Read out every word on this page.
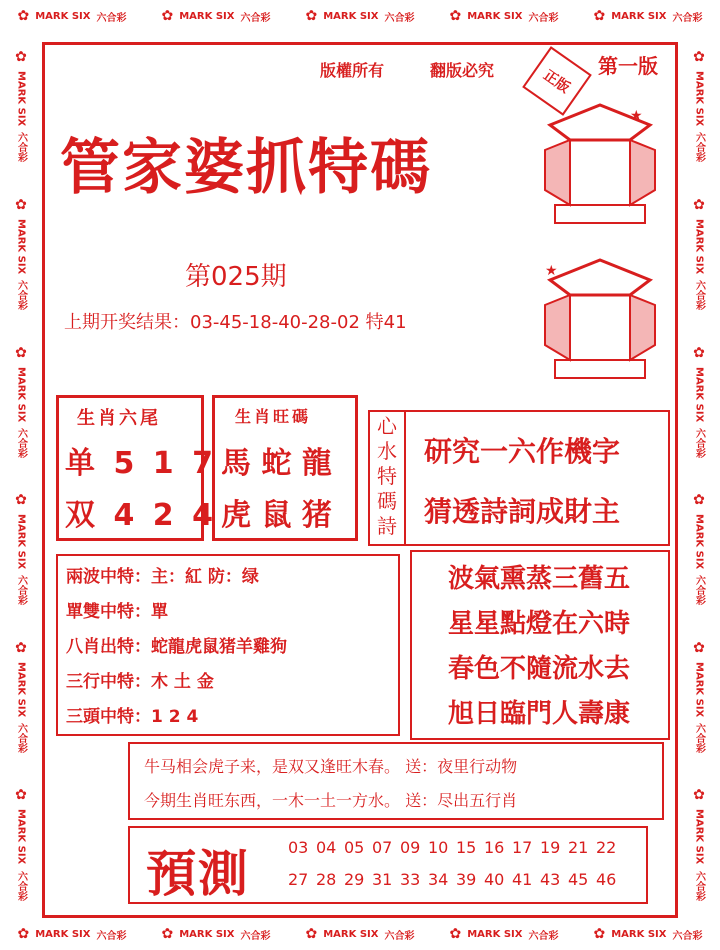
✿ MARK SIX 六合彩	✿ MARK SIX 六合彩	✿ MARK SIX 六合彩	✿ MARK SIX 六合彩	✿ MARK SIX 六合彩
✿ MARK SIX 六合彩	✿ MARK SIX 六合彩	✿ MARK SIX 六合彩	✿ MARK SIX 六合彩	✿ MARK SIX 六合彩
✿
MARK SIX
六合彩
✿
MARK SIX
六合彩
✿
MARK SIX
六合彩
✿
MARK SIX
六合彩
✿
MARK SIX
六合彩
✿
MARK SIX
六合彩
✿
MARK SIX
六合彩
✿
MARK SIX
六合彩
✿
MARK SIX
六合彩
✿
MARK SIX
六合彩
✿
MARK SIX
六合彩
✿
MARK SIX
六合彩
版權所有	翻版必究	第一版
正版
管家婆抓特碼
★
★
第025期
上期开奖结果：03-45-18-40-28-02 特41
生肖六尾
单 5 1 7
双 4 2 4
生肖旺碼
馬 蛇 龍
虎 鼠 猪
心水特碼詩
研究一六作機字
猜透詩詞成財主
兩波中特：主：紅 防：绿
單雙中特：單
八肖出特：蛇龍虎鼠猪羊雞狗
三行中特：木 土 金
三頭中特：1 2 4
波氣熏蒸三舊五
星星點燈在六時
春色不隨流水去
旭日臨門人壽康
牛马相会虎子来，是双又逢旺木春。 送：夜里行动物
今期生肖旺东西，一木一土一方水。 送：尽出五行肖
預測 03 04 05 07 09 10 15 16 17 19 21 22
27 28 29 31 33 34 39 40 41 43 45 46
